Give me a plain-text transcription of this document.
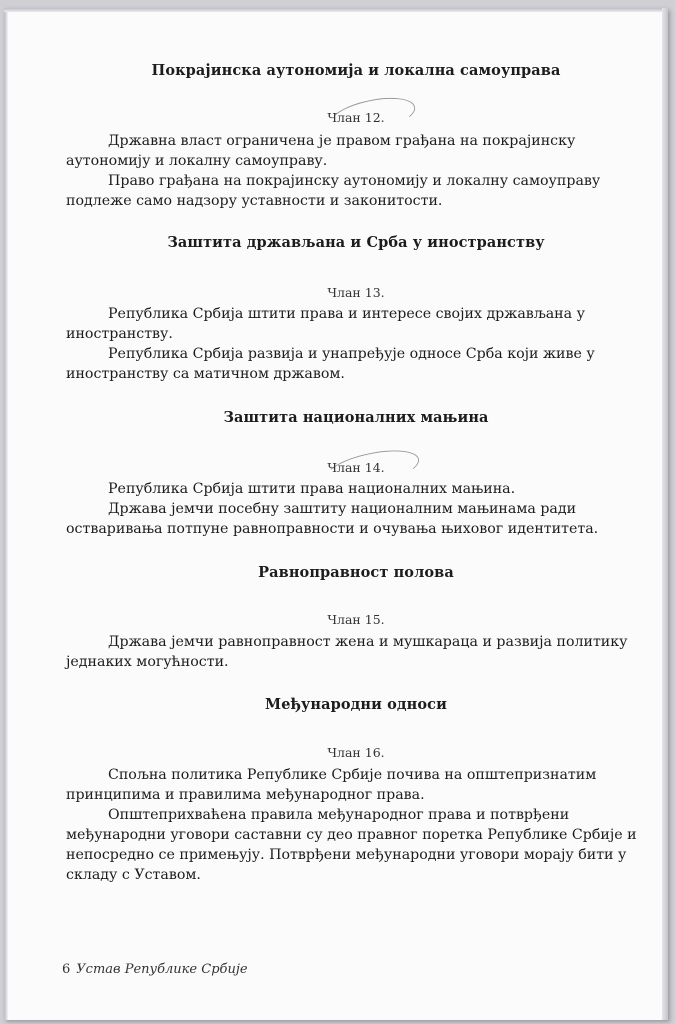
Покрајинска аутономија и локална самоуправа
Члан 12.
Државна власт ограничена је правом грађана на покрајинску аутономију и локалну самоуправу.
Право грађана на покрајинску аутономију и локалну самоуправу подлеже само надзору уставности и законитости.
Заштита држављана и Срба у иностранству
Члан 13.
Република Србија штити права и интересе својих држављана у иностранству.
Република Србија развија и унапређује односе Срба који живе у иностранству са матичном државом.
Заштита националних мањина
Члан 14.
Република Србија штити права националних мањина.
Држава јемчи посебну заштиту националним мањинама ради остваривања потпуне равноправности и очувања њиховог идентитета.
Равноправност полова
Члан 15.
Држава јемчи равноправност жена и мушкараца и развија политику једнаких могућности.
Међународни односи
Члан 16.
Спољна политика Републике Србије почива на општепризнатим принципима и правилима међународног права.
Општеприхваћена правила међународног права и потврђени међународни уговори саставни су део правног поретка Републике Србије и непосредно се примењују. Потврђени међународни уговори морају бити у складу с Уставом.
6 Устав Републике Србије
